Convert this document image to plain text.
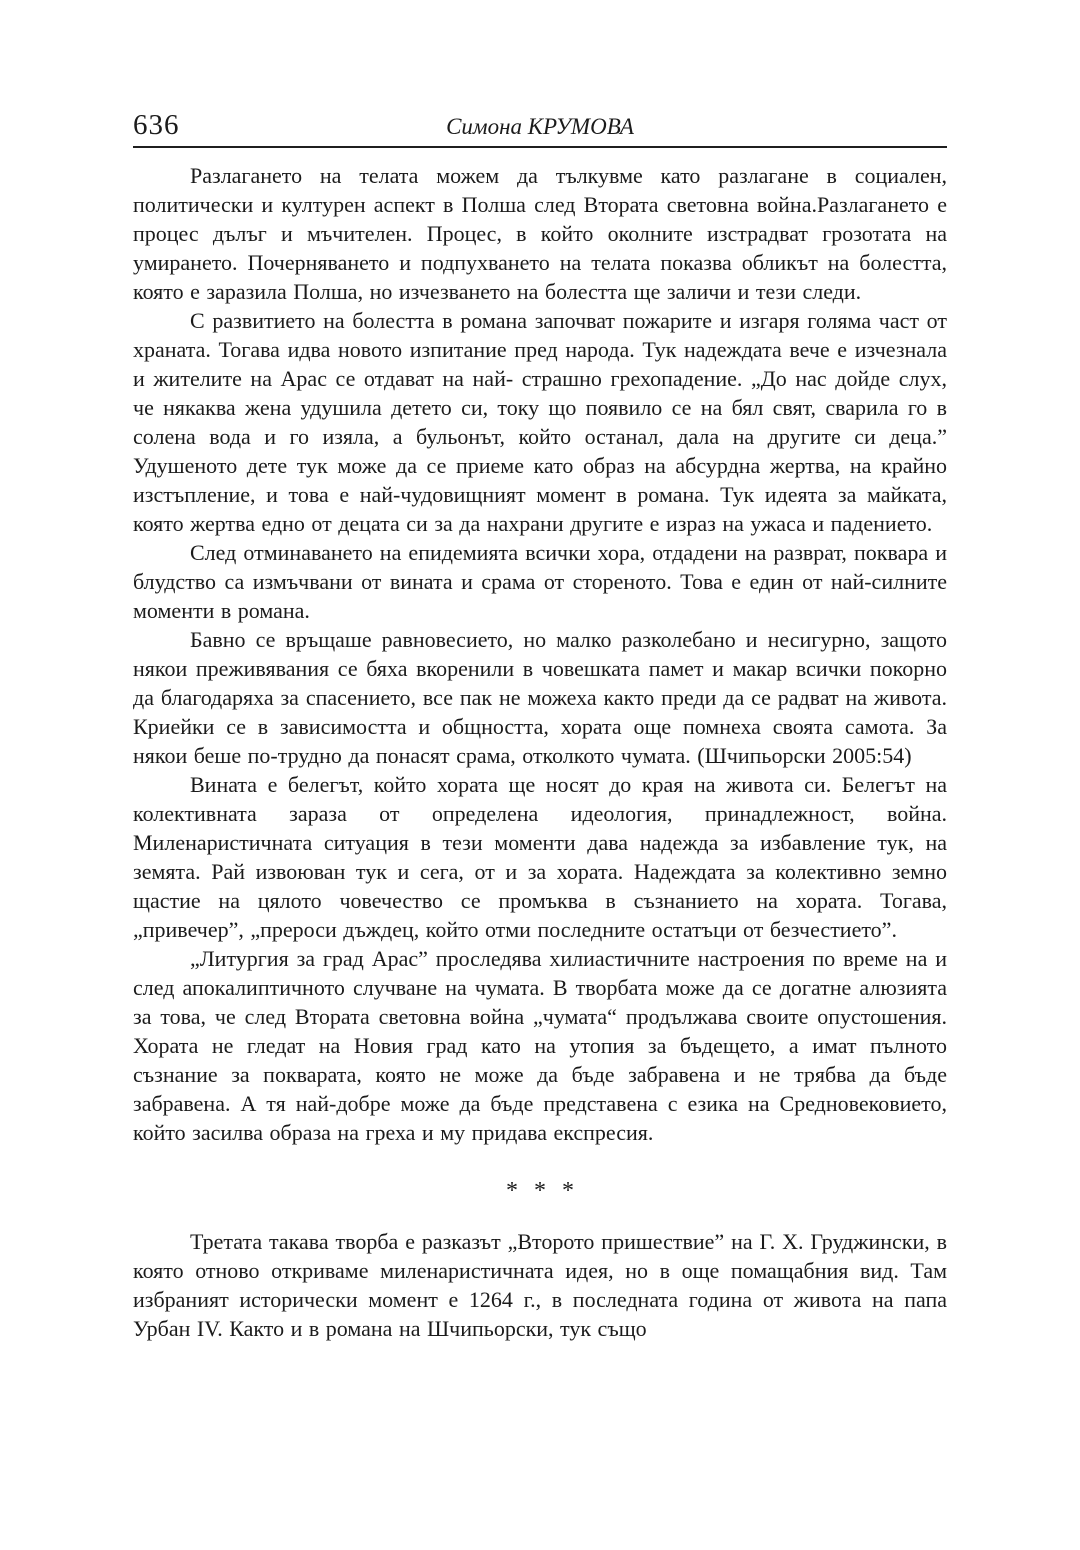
636	Симона КРУМОВА

Разлагането на телата можем да тълкувме като разлагане в социален, политически и културен аспект в Полша след Втората световна война.Разлагането е процес дълъг и мъчителен. Процес, в който околните изстрадват грозотата на умирането. Почерняването и подпухването на телата показва обликът на болестта, която е заразила Полша, но изчезването на болестта ще заличи и тези следи.

С развитието на болестта в романа започват пожарите и изгаря голяма част от храната. Тогава идва новото изпитание пред народа. Тук надеждата вече е изчезнала и жителите на Арас се отдават на най- страшно грехопадение. „До нас дойде слух, че някаква жена удушила детето си, току що появило се на бял свят, сварила го в солена вода и го изяла, а бульонът, който останал, дала на другите си деца.” Удушеното дете тук може да се приеме като образ на абсурдна жертва, на крайно изстъпление, и това е най-чудовищният момент в романа. Тук идеята за майката, която жертва едно от децата си за да нахрани другите е израз на ужаса и падението.

След отминаването на епидемията всички хора, отдадени на разврат, поквара и блудство са измъчвани от вината и срама от стореното. Това е един от най-силните моменти в романа.

Бавно се връщаше равновесието, но малко разколебано и несигурно, защото някои преживявания се бяха вкоренили в човешката памет и макар всички покорно да благодаряха за спасението, все пак не можеха както преди да се радват на живота. Криейки се в зависимостта и общността, хората още помнеха своята самота. За някои беше по-трудно да понасят срама, отколкото чумата. (Шчипьорски 2005:54)

Вината е белегът, който хората ще носят до края на живота си. Белегът на колективната зараза от определена идеология, принадлежност, война. Миленаристичната ситуация в тези моменти дава надежда за избавление тук, на земята. Рай извоюван тук и сега, от и за хората. Надеждата за колективно земно щастие на цялото човечество се промъква в съзнанието на хората. Тогава, „привечер”, „прероси дъждец, който отми последните остатъци от безчестието”.

„Литургия за град Арас” проследява хилиастичните настроения по време на и след апокалиптичното случване на чумата. В творбата може да се догатне алюзията за това, че след Втората световна война „чумата“ продължава своите опустошения. Хората не гледат на Новия град като на утопия за бъдещето, а имат пълното съзнание за покварата, която не може да бъде забравена и не трябва да бъде забравена. А тя най-добре може да бъде представена с езика на Средновековието, който засилва образа на греха и му придава експресия.

* * *

Третата такава творба е разказът „Второто пришествие” на Г. Х. Груджински, в която отново откриваме миленаристичната идея, но в още помащабния вид. Там избраният исторически момент е 1264 г., в последната година от живота на папа Урбан IV. Както и в романа на Шчипьорски, тук също
